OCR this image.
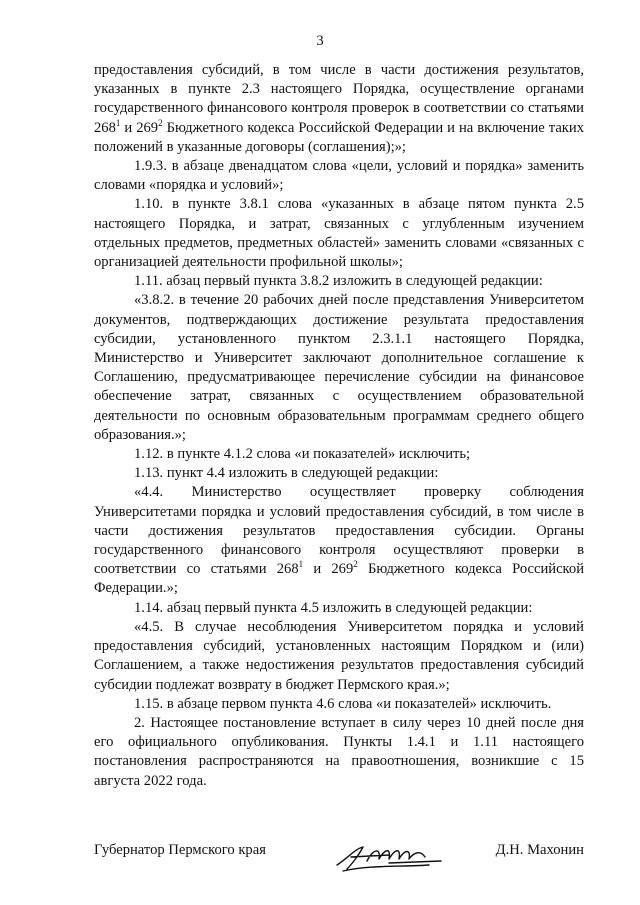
3

предоставления субсидий, в том числе в части достижения результатов, указанных в пункте 2.3 настоящего Порядка, осуществление органами государственного финансового контроля проверок в соответствии со статьями $268^1$ и $269^2$ Бюджетного кодекса Российской Федерации и на включение таких положений в указанные договоры (соглашения);»;

1.9.3. в абзаце двенадцатом слова «цели, условий и порядка» заменить словами «порядка и условий»;

1.10. в пункте 3.8.1 слова «указанных в абзаце пятом пункта 2.5 настоящего Порядка, и затрат, связанных с углубленным изучением отдельных предметов, предметных областей» заменить словами «связанных с организацией деятельности профильной школы»;

1.11. абзац первый пункта 3.8.2 изложить в следующей редакции:

«3.8.2. в течение 20 рабочих дней после представления Университетом документов, подтверждающих достижение результата предоставления субсидии, установленного пунктом 2.3.1.1 настоящего Порядка, Министерство и Университет заключают дополнительное соглашение к Соглашению, предусматривающее перечисление субсидии на финансовое обеспечение затрат, связанных с осуществлением образовательной деятельности по основным образовательным программам среднего общего образования.»;

1.12. в пункте 4.1.2 слова «и показателей» исключить;

1.13. пункт 4.4 изложить в следующей редакции:

«4.4. Министерство осуществляет проверку соблюдения Университетами порядка и условий предоставления субсидий, в том числе в части достижения результатов предоставления субсидии. Органы государственного финансового контроля осуществляют проверки в соответствии со статьями $268^1$ и $269^2$ Бюджетного кодекса Российской Федерации.»;

1.14. абзац первый пункта 4.5 изложить в следующей редакции:

«4.5. В случае несоблюдения Университетом порядка и условий предоставления субсидий, установленных настоящим Порядком и (или) Соглашением, а также недостижения результатов предоставления субсидий субсидии подлежат возврату в бюджет Пермского края.»;

1.15. в абзаце первом пункта 4.6 слова «и показателей» исключить.

2. Настоящее постановление вступает в силу через 10 дней после дня его официального опубликования. Пункты 1.4.1 и 1.11 настоящего постановления распространяются на правоотношения, возникшие с 15 августа 2022 года.

Губернатор Пермского края	Д.Н. Махонин
